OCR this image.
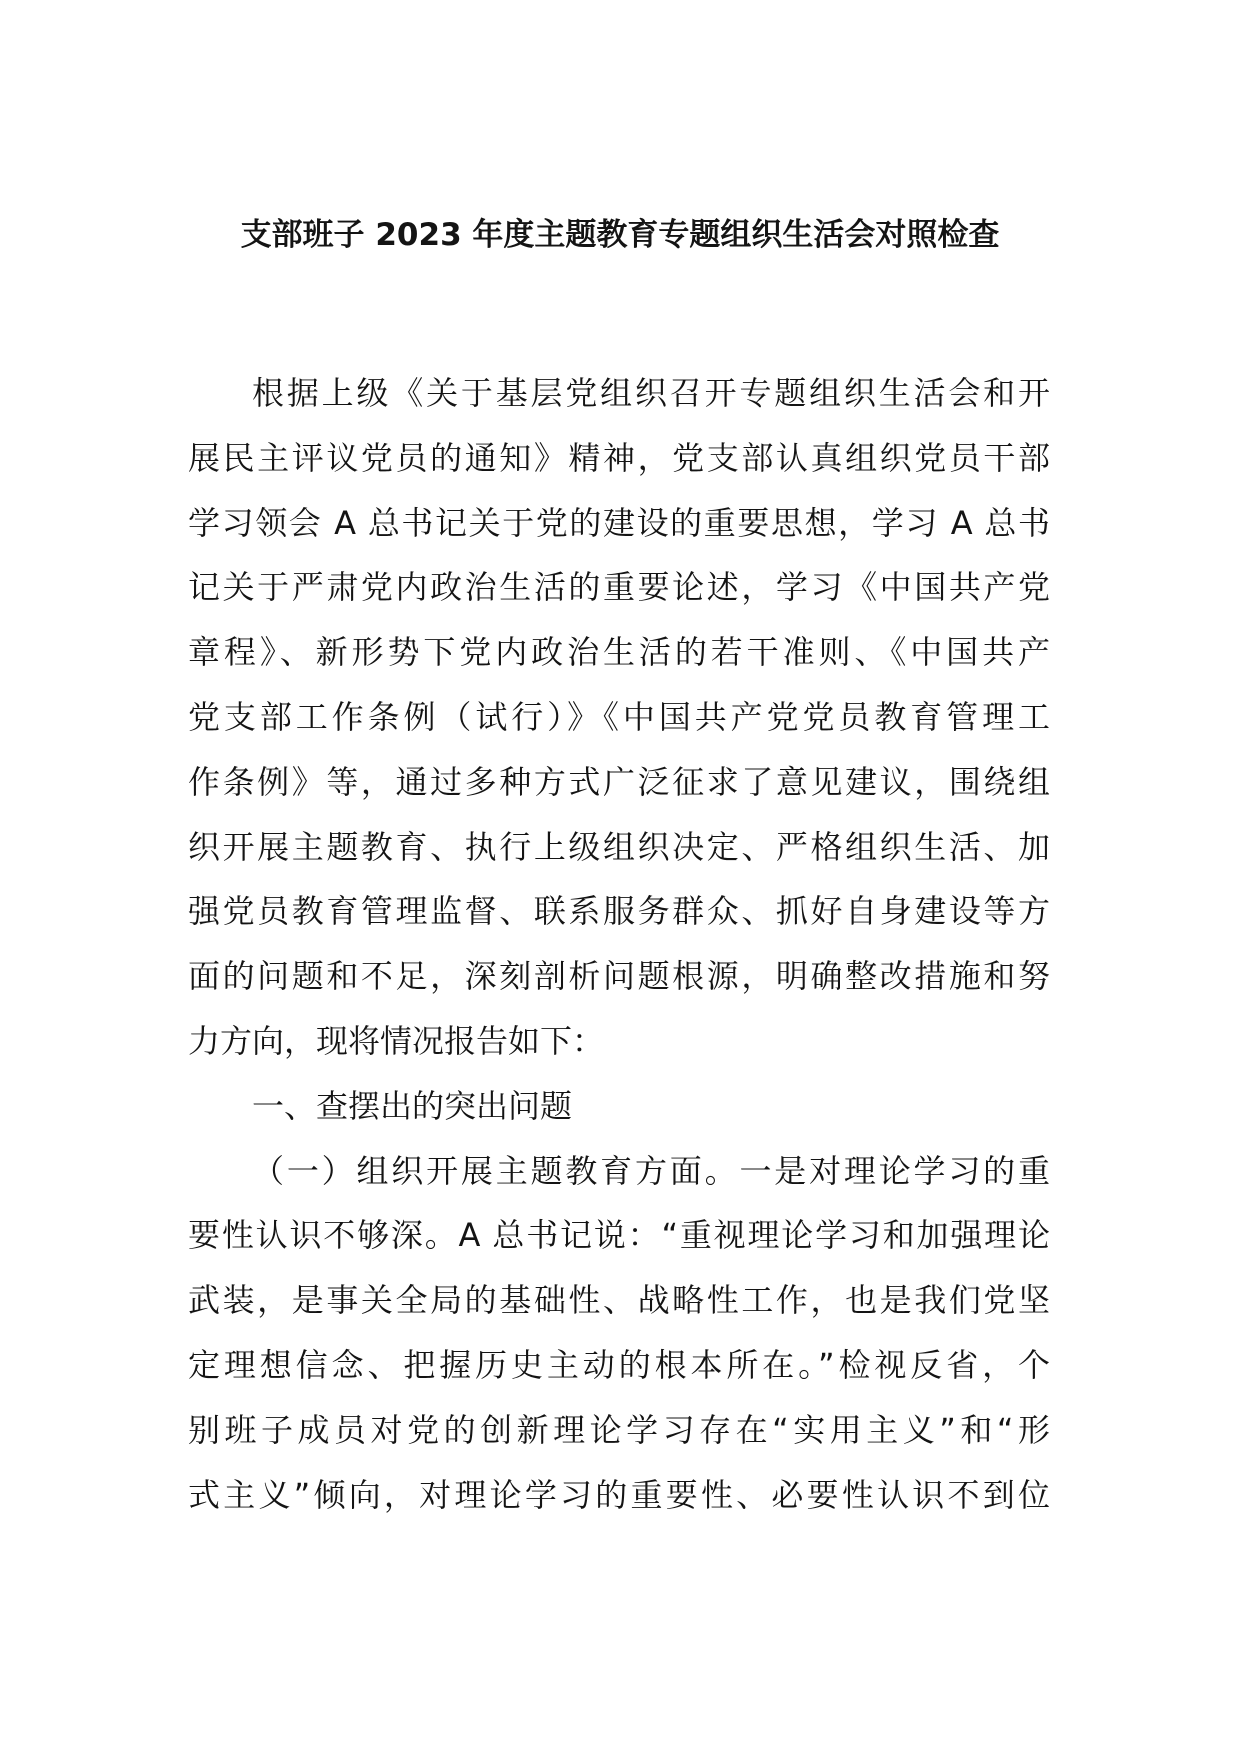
支部班子 2023 年度主题教育专题组织生活会对照检查
根据上级《关于基层党组织召开专题组织生活会和开
展民主评议党员的通知》精神，党支部认真组织党员干部
学习领会 A 总书记关于党的建设的重要思想，学习 A 总书
记关于严肃党内政治生活的重要论述，学习《中国共产党
章程》、新形势下党内政治生活的若干准则、《中国共产
党支部工作条例（试行）》《中国共产党党员教育管理工
作条例》等，通过多种方式广泛征求了意见建议，围绕组
织开展主题教育、执行上级组织决定、严格组织生活、加
强党员教育管理监督、联系服务群众、抓好自身建设等方
面的问题和不足，深刻剖析问题根源，明确整改措施和努
力方向，现将情况报告如下：
一、查摆出的突出问题
（一）组织开展主题教育方面。一是对理论学习的重
要性认识不够深。A 总书记说：“重视理论学习和加强理论
武装，是事关全局的基础性、战略性工作，也是我们党坚
定理想信念、把握历史主动的根本所在。”检视反省，个
别班子成员对党的创新理论学习存在“实用主义”和“形
式主义”倾向，对理论学习的重要性、必要性认识不到位
